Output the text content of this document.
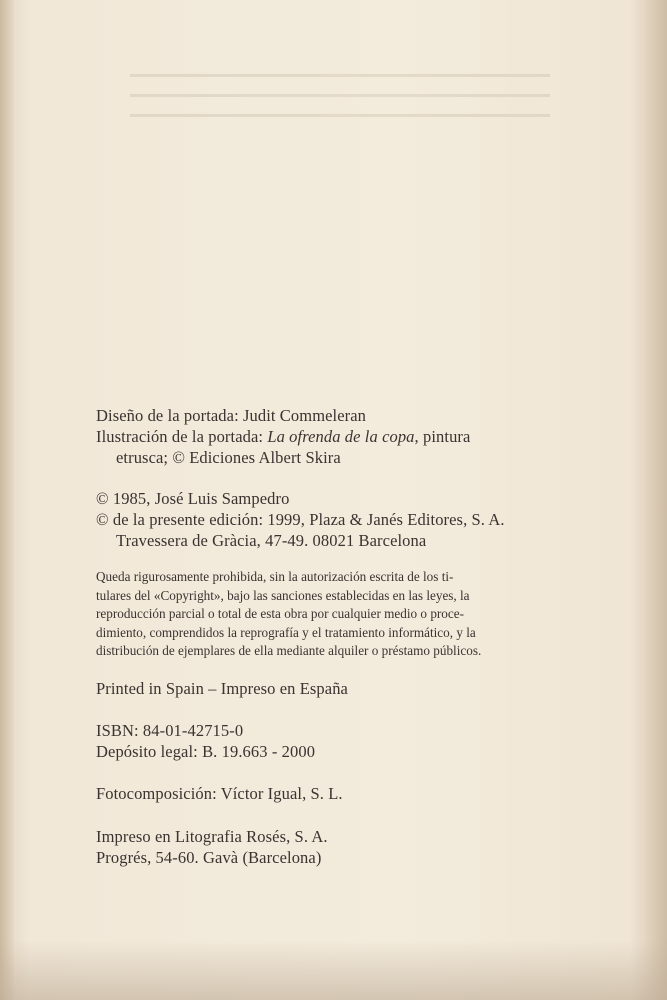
Diseño de la portada: Judit Commeleran
Ilustración de la portada: La ofrenda de la copa, pintura
etrusca; © Ediciones Albert Skira
© 1985, José Luis Sampedro
© de la presente edición: 1999, Plaza & Janés Editores, S. A.
Travessera de Gràcia, 47-49. 08021 Barcelona
Queda rigurosamente prohibida, sin la autorización escrita de los ti-
tulares del «Copyright», bajo las sanciones establecidas en las leyes, la
reproducción parcial o total de esta obra por cualquier medio o proce-
dimiento, comprendidos la reprografía y el tratamiento informático, y la
distribución de ejemplares de ella mediante alquiler o préstamo públicos.
Printed in Spain – Impreso en España
ISBN: 84-01-42715-0
Depósito legal: B. 19.663 - 2000
Fotocomposición: Víctor Igual, S. L.
Impreso en Litografia Rosés, S. A.
Progrés, 54-60. Gavà (Barcelona)
